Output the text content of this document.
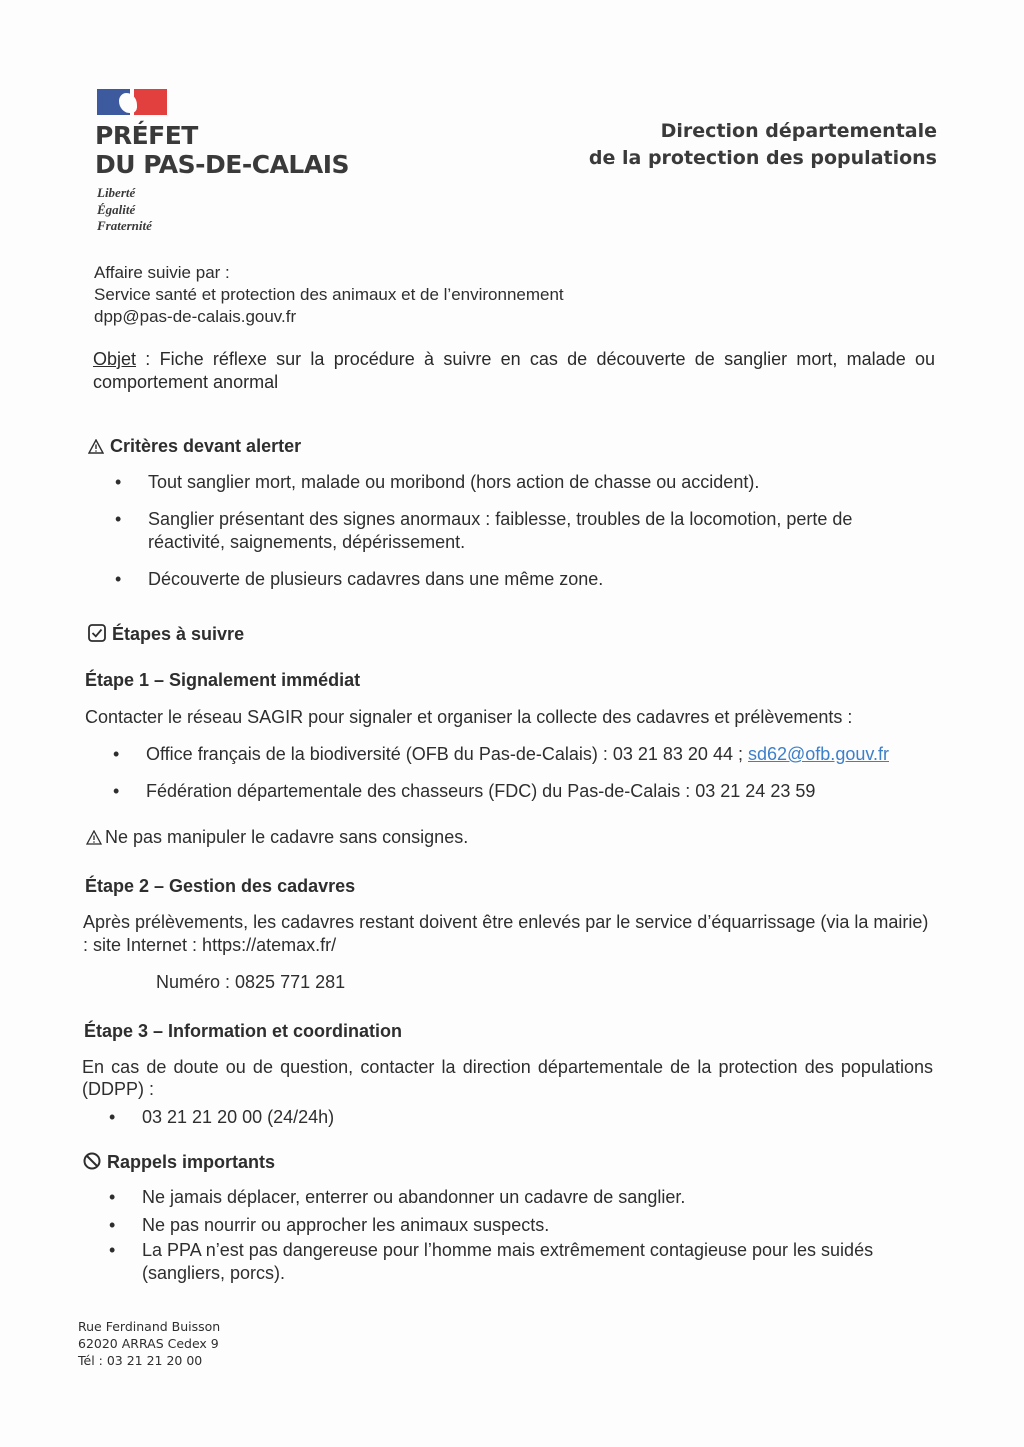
PRÉFET
DU PAS-DE-CALAIS
Liberté
Égalité
Fraternité
Direction départementale
de la protection des populations
Affaire suivie par :
Service santé et protection des animaux et de l’environnement
dpp@pas-de-calais.gouv.fr
Objet : Fiche réflexe sur la procédure à suivre en cas de découverte de sanglier mort, malade ou comportement anormal
Critères devant alerter
• Tout sanglier mort, malade ou moribond (hors action de chasse ou accident).
• Sanglier présentant des signes anormaux : faiblesse, troubles de la locomotion, perte de réactivité, saignements, dépérissement.
• Découverte de plusieurs cadavres dans une même zone.
Étapes à suivre
Étape 1 – Signalement immédiat
Contacter le réseau SAGIR pour signaler et organiser la collecte des cadavres et prélèvements :
• Office français de la biodiversité (OFB du Pas-de-Calais) : 03 21 83 20 44 ; sd62@ofb.gouv.fr
• Fédération départementale des chasseurs (FDC) du Pas-de-Calais : 03 21 24 23 59
Ne pas manipuler le cadavre sans consignes.
Étape 2 – Gestion des cadavres
Après prélèvements, les cadavres restant doivent être enlevés par le service d’équarrissage (via la mairie) : site Internet : https://atemax.fr/
Numéro : 0825 771 281
Étape 3 – Information et coordination
En cas de doute ou de question, contacter la direction départementale de la protection des populations (DDPP) :
• 03 21 21 20 00 (24/24h)
Rappels importants
• Ne jamais déplacer, enterrer ou abandonner un cadavre de sanglier.
• Ne pas nourrir ou approcher les animaux suspects.
• La PPA n’est pas dangereuse pour l’homme mais extrêmement contagieuse pour les suidés (sangliers, porcs).
Rue Ferdinand Buisson
62020 ARRAS Cedex 9
Tél : 03 21 21 20 00
